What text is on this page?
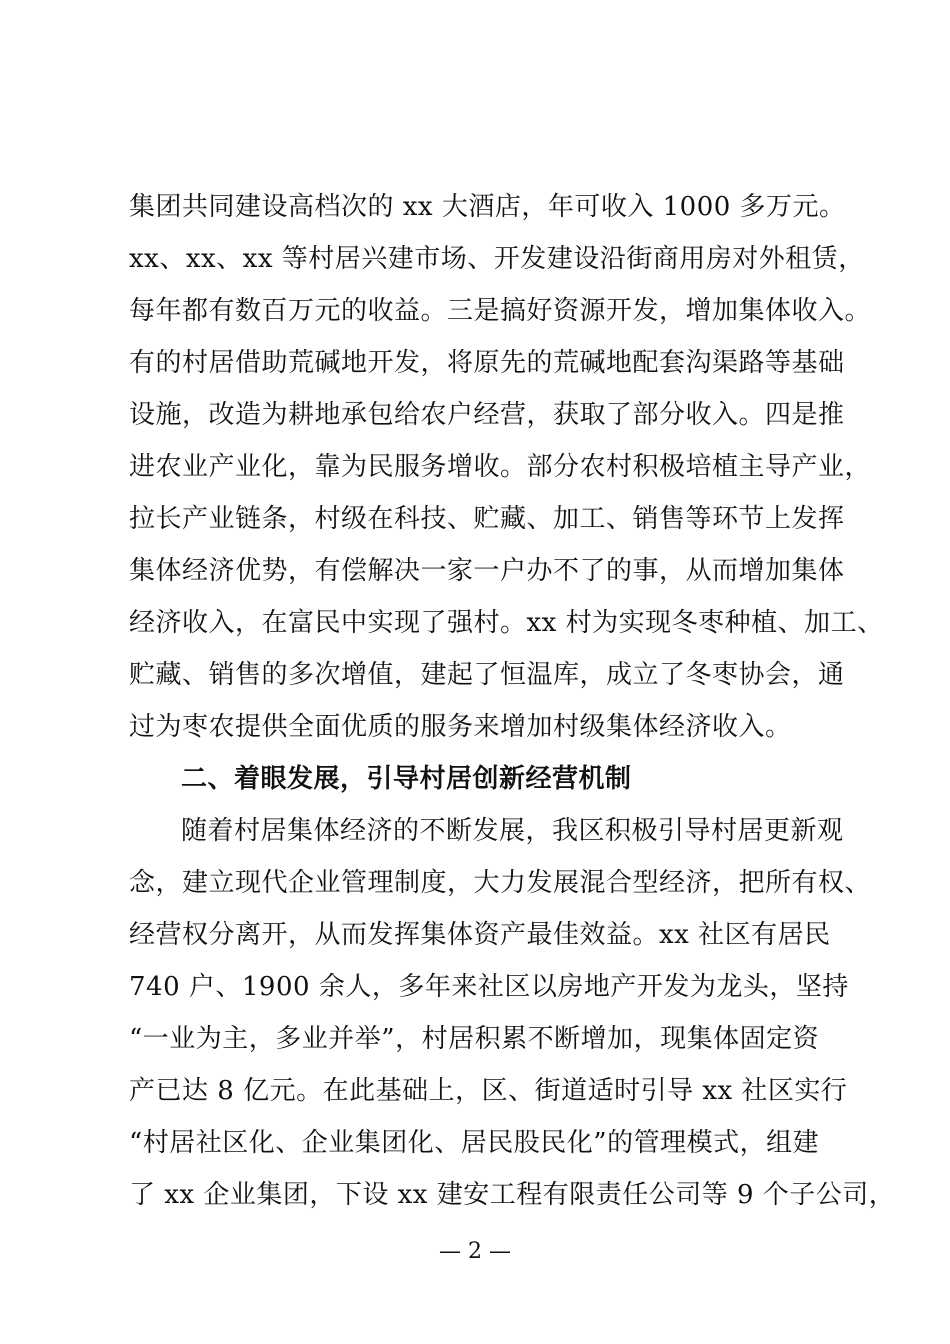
集团共同建设高档次的 xx 大酒店，年可收入 1000 多万元。
xx、xx、xx 等村居兴建市场、开发建设沿街商用房对外租赁，
每年都有数百万元的收益。三是搞好资源开发，增加集体收入。
有的村居借助荒碱地开发，将原先的荒碱地配套沟渠路等基础
设施，改造为耕地承包给农户经营，获取了部分收入。四是推
进农业产业化，靠为民服务增收。部分农村积极培植主导产业，
拉长产业链条，村级在科技、贮藏、加工、销售等环节上发挥
集体经济优势，有偿解决一家一户办不了的事，从而增加集体
经济收入，在富民中实现了强村。xx 村为实现冬枣种植、加工、
贮藏、销售的多次增值，建起了恒温库，成立了冬枣协会，通
过为枣农提供全面优质的服务来增加村级集体经济收入。
二、着眼发展，引导村居创新经营机制
随着村居集体经济的不断发展，我区积极引导村居更新观
念，建立现代企业管理制度，大力发展混合型经济，把所有权、
经营权分离开，从而发挥集体资产最佳效益。xx 社区有居民
740 户、1900 余人，多年来社区以房地产开发为龙头，坚持
“一业为主，多业并举”，村居积累不断增加，现集体固定资
产已达 8 亿元。在此基础上，区、街道适时引导 xx 社区实行
“村居社区化、企业集团化、居民股民化”的管理模式，组建
了 xx 企业集团，下设 xx 建安工程有限责任公司等 9 个子公司，
— 2 —
